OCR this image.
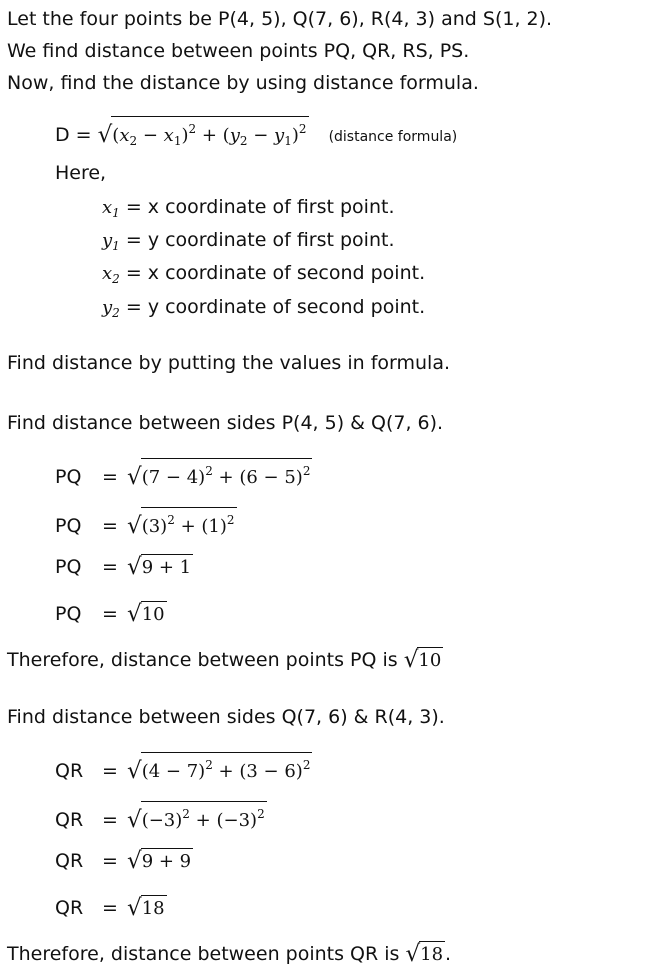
Let the four points be P(4, 5), Q(7, 6), R(4, 3) and S(1, 2).
We find distance between points PQ, QR, RS, PS.
Now, find the distance by using distance formula.
$D = √(x_2 - x_1)^2 + (y_2 - y_1)^2$ (distance formula)
Here,
$x_1 = x$ coordinate of first point.
$y_1 = y$ coordinate of first point.
$x_2 = x$ coordinate of second point.
$y_2 = y$ coordinate of second point.
Find distance by putting the values in formula.
Find distance between sides P(4, 5) & Q(7, 6).
PQ = $√(7 - 4)^2 + (6 - 5)^2$
PQ = $√(3)^2 + (1)^2$
PQ = √9 + 1
PQ = √10
Therefore, distance between points PQ is √10
Find distance between sides Q(7, 6) & R(4, 3).
QR = $√(4 - 7)^2 + (3 - 6)^2$
QR = $√(-3)^2 + (-3)^2$
QR = √9 + 9
QR = √18
Therefore, distance between points QR is √18 .
